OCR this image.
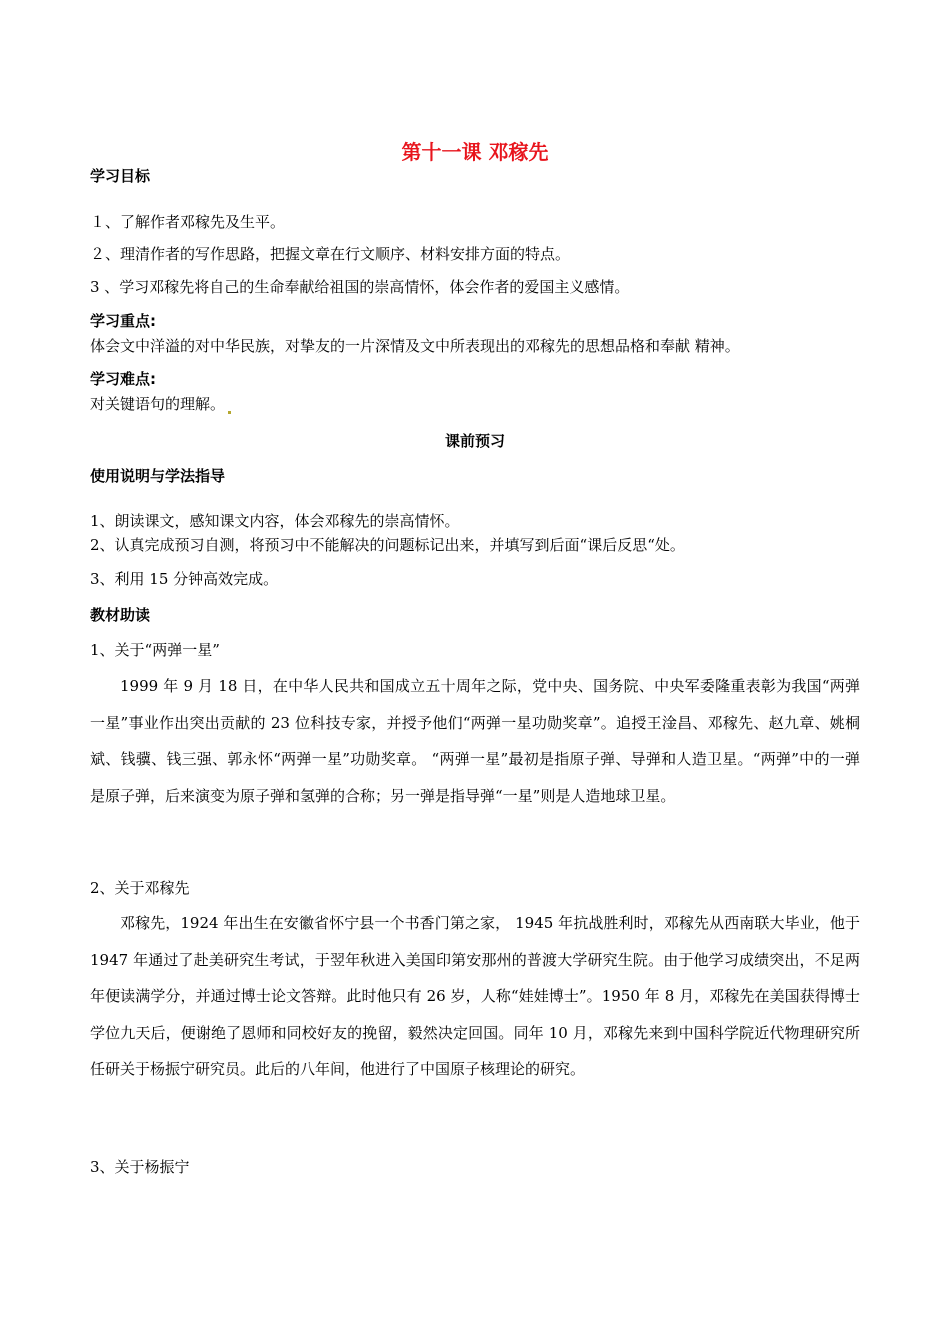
第十一课 邓稼先

学习目标

１、了解作者邓稼先及生平。

２、理清作者的写作思路，把握文章在行文顺序、材料安排方面的特点。

3 、学习邓稼先将自己的生命奉献给祖国的崇高情怀，体会作者的爱国主义感情。

学习重点:

体会文中洋溢的对中华民族，对挚友的一片深情及文中所表现出的邓稼先的思想品格和奉献 精神。

学习难点:

对关键语句的理解。

课前预习

使用说明与学法指导

1、朗读课文，感知课文内容，体会邓稼先的崇高情怀。

2、认真完成预习自测，将预习中不能解决的问题标记出来，并填写到后面“课后反思“处。

3、利用 15 分钟高效完成。

教材助读

1、关于“两弹一星”

1999 年 9 月 18 日，在中华人民共和国成立五十周年之际，党中央、国务院、中央军委隆重表彰为我国“两弹一星”事业作出突出贡献的 23 位科技专家，并授予他们“两弹一星功勋奖章”。追授王淦昌、邓稼先、赵九章、姚桐斌、钱骥、钱三强、郭永怀“两弹一星”功勋奖章。 “两弹一星”最初是指原子弹、导弹和人造卫星。“两弹”中的一弹是原子弹，后来演变为原子弹和氢弹的合称；另一弹是指导弹“一星”则是人造地球卫星。

2、关于邓稼先

邓稼先，1924 年出生在安徽省怀宁县一个书香门第之家， 1945 年抗战胜利时，邓稼先从西南联大毕业，他于 1947 年通过了赴美研究生考试，于翌年秋进入美国印第安那州的普渡大学研究生院。由于他学习成绩突出，不足两年便读满学分，并通过博士论文答辩。此时他只有 26 岁，人称“娃娃博士”。1950 年 8 月，邓稼先在美国获得博士学位九天后，便谢绝了恩师和同校好友的挽留，毅然决定回国。同年 10 月，邓稼先来到中国科学院近代物理研究所任研关于杨振宁研究员。此后的八年间，他进行了中国原子核理论的研究。

3、关于杨振宁
